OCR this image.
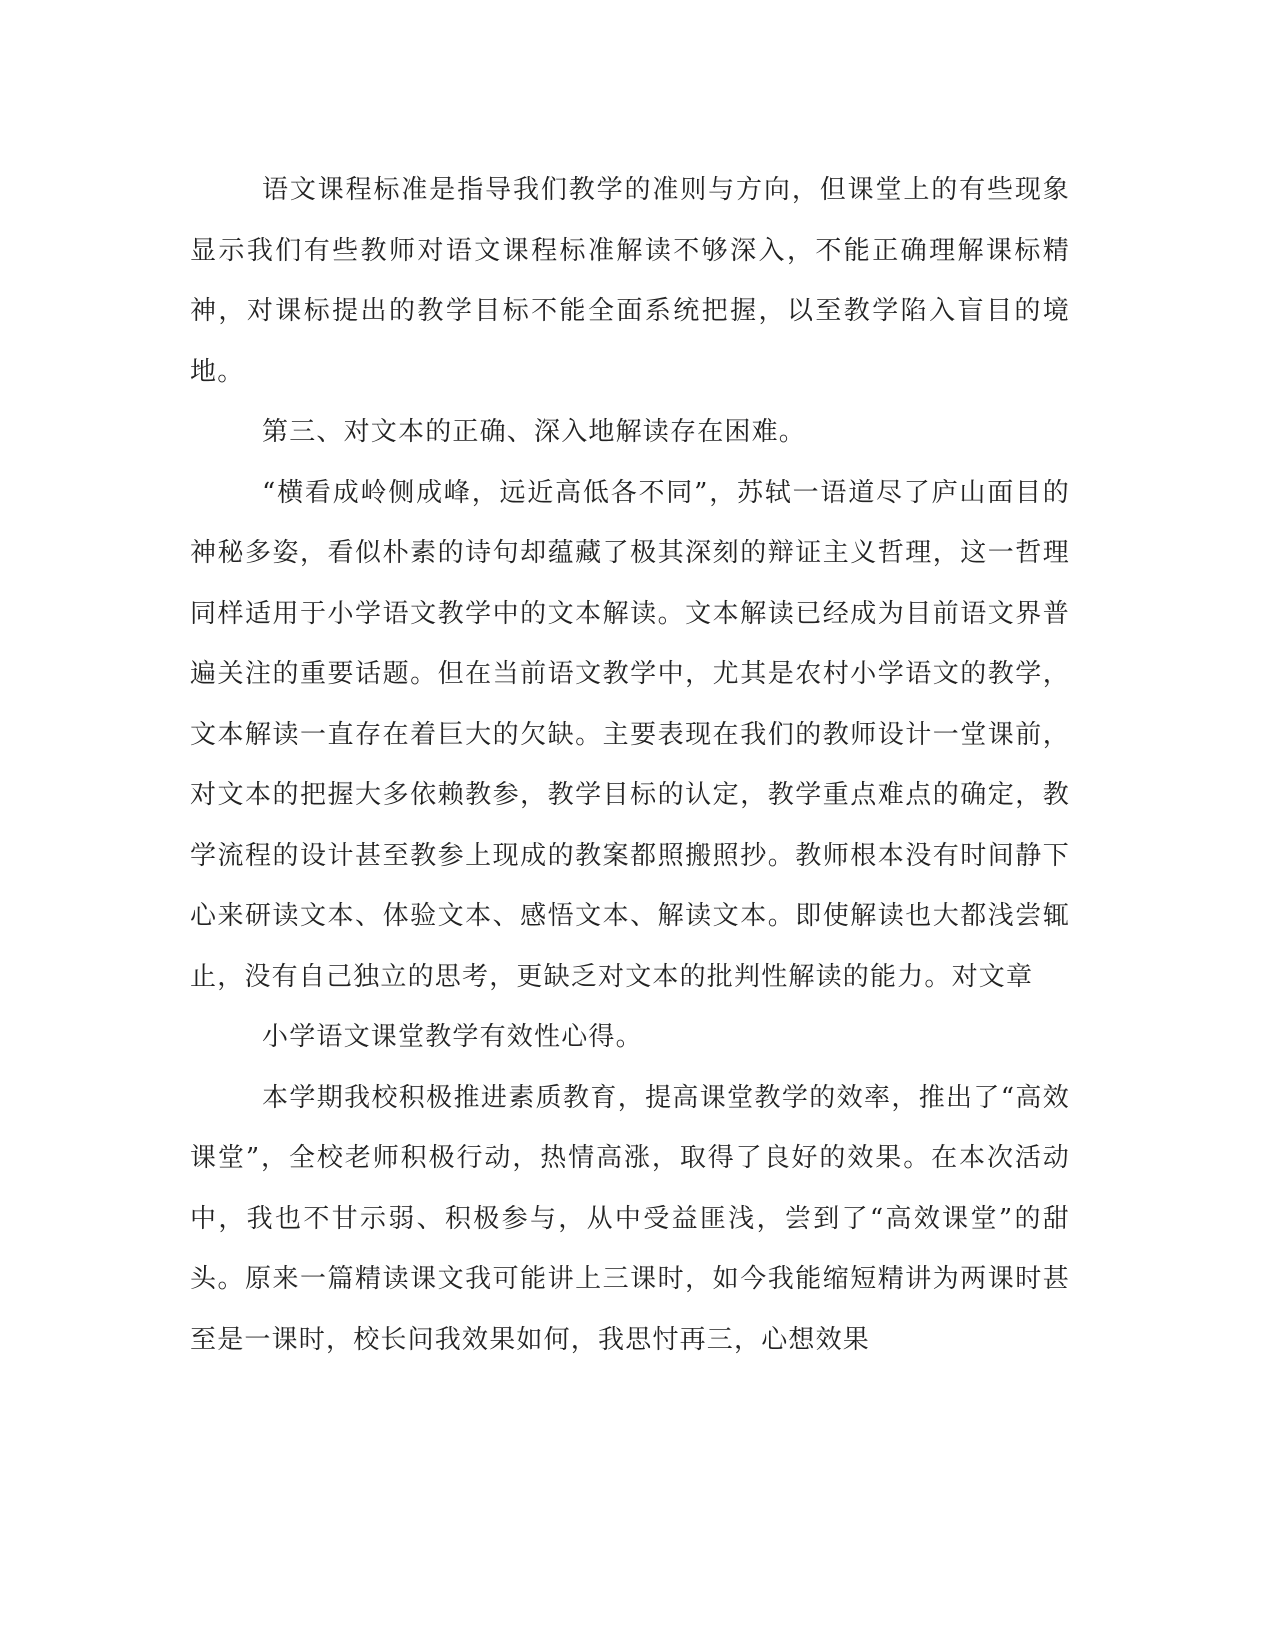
语文课程标准是指导我们教学的准则与方向，但课堂上的有些现象显示我们有些教师对语文课程标准解读不够深入，不能正确理解课标精神，对课标提出的教学目标不能全面系统把握，以至教学陷入盲目的境地。

第三、对文本的正确、深入地解读存在困难。

“横看成岭侧成峰，远近高低各不同”，苏轼一语道尽了庐山面目的神秘多姿，看似朴素的诗句却蕴藏了极其深刻的辩证主义哲理，这一哲理同样适用于小学语文教学中的文本解读。文本解读已经成为目前语文界普遍关注的重要话题。但在当前语文教学中，尤其是农村小学语文的教学，文本解读一直存在着巨大的欠缺。主要表现在我们的教师设计一堂课前，对文本的把握大多依赖教参，教学目标的认定，教学重点难点的确定，教学流程的设计甚至教参上现成的教案都照搬照抄。教师根本没有时间静下心来研读文本、体验文本、感悟文本、解读文本。即使解读也大都浅尝辄止，没有自己独立的思考，更缺乏对文本的批判性解读的能力。对文章

小学语文课堂教学有效性心得。

本学期我校积极推进素质教育，提高课堂教学的效率，推出了“高效课堂”，全校老师积极行动，热情高涨，取得了良好的效果。在本次活动中，我也不甘示弱、积极参与，从中受益匪浅，尝到了“高效课堂”的甜头。原来一篇精读课文我可能讲上三课时，如今我能缩短精讲为两课时甚至是一课时，校长问我效果如何，我思忖再三，心想效果
